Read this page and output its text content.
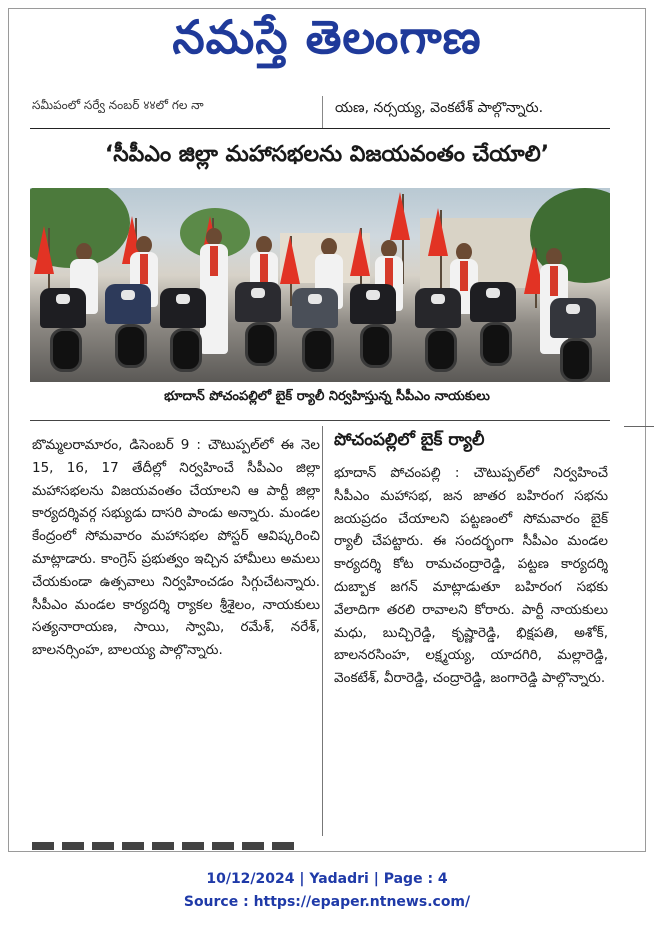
నమస్తే తెలంగాణ
సమీపంలో సర్వే నంబర్ ४४లో గల నా	యణ, నర్సయ్య, వెంకటేశ్ పాల్గొన్నారు.
‘సీపీఎం జిల్లా మహాసభలను విజయవంతం చేయాలి’
భూదాన్ పోచంపల్లిలో బైక్ ర్యాలీ నిర్వహిస్తున్న సీపీఎం నాయకులు

బొమ్మలరామారం, డిసెంబర్ 9 : చౌటుప్పల్‌లో ఈ నెల 15, 16, 17 తేదీల్లో నిర్వహించే సీపీఎం జిల్లా మహాసభలను విజయవంతం చేయాలని ఆ పార్టీ జిల్లా కార్యదర్శివర్గ సభ్యుడు దాసరి పాండు అన్నారు. మండల కేంద్రంలో సోమవారం మహాసభల పోస్టర్ ఆవిష్కరించి మాట్లాడారు. కాంగ్రెస్ ప్రభుత్వం ఇచ్చిన హామీలు అమలు చేయకుండా ఉత్సవాలు నిర్వహించడం సిగ్గుచేటన్నారు. సీపీఎం మండల కార్యదర్శి ర్యాకల శ్రీశైలం, నాయకులు సత్యనారాయణ, సాయి, స్వామి, రమేశ్, నరేశ్, బాలనర్సింహ, బాలయ్య పాల్గొన్నారు.

పోచంపల్లిలో బైక్ ర్యాలీ

భూదాన్ పోచంపల్లి : చౌటుప్పల్‌లో నిర్వహించే సీపీఎం మహాసభ, జన జాతర బహిరంగ సభను జయప్రదం చేయాలని పట్టణంలో సోమవారం బైక్ ర్యాలీ చేపట్టారు. ఈ సందర్భంగా సీపీఎం మండల కార్యదర్శి కోట రామచంద్రారెడ్డి, పట్టణ కార్యదర్శి దుబ్బాక జగన్ మాట్లాడుతూ బహిరంగ సభకు వేలాదిగా తరలి రావాలని కోరారు. పార్టీ నాయకులు మధు, బుచ్చిరెడ్డి, కృష్ణారెడ్డి, భిక్షపతి, అశోక్, బాలనరసింహ, లక్ష్మయ్య, యాదగిరి, మల్లారెడ్డి, వెంకటేశ్, వీరారెడ్డి, చంద్రారెడ్డి, జంగారెడ్డి పాల్గొన్నారు.

10/12/2024 | Yadadri | Page : 4
Source : https://epaper.ntnews.com/
